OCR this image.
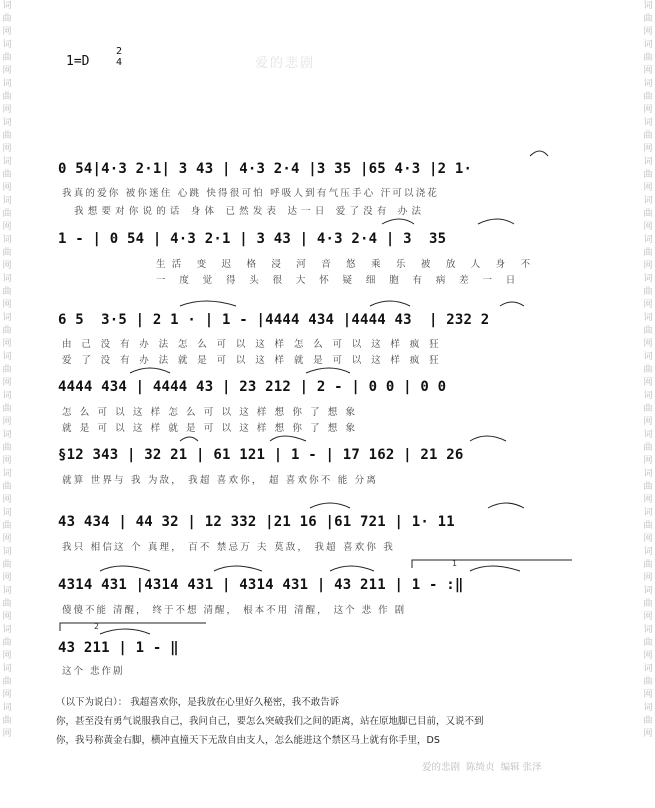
词
曲
网
词
曲
网
词
曲
网
词
曲
网
词
曲
网
词
曲
网
词
曲
网
词
曲
网
词
曲
网
词
曲
网
词
曲
网
词
曲
网
词
曲
网
词
曲
网
词
曲
网
词
曲
网
词
曲
网
词
曲
网
词
曲
网
词
曲
网
词
曲
网
词
曲
网
词
曲
网
词
曲
网
词
曲
网
词
曲
网
词
曲
网
词
曲
网
词
曲
网
词
曲
网
词
曲
网
词
曲
网
词
曲
网
词
曲
网
词
曲
网
词
曲
网
词
曲
网
词
曲
网
1=D
2
4	爱的悲剧
0 54|4·3 2·1| 3 43 | 4·3 2·4 |3 35 |65 4·3 |2 1·
1 - | 0 54 | 4·3 2·1 | 3 43 | 4·3 2·4 | 3  35
6 5  3·5 | 2 1 · | 1 - |4444 434 |4444 43  | 232 2
4444 434 | 4444 43 | 23 212 | 2 - | 0 0 | 0 0
§12 343 | 32 21 | 61 121 | 1 - | 17 162 | 21 26
43 434 | 44 32 | 12 332 |21 16 |61 721 | 1· 11
4314 431 |4314 431 | 4314 431 | 43 211 | 1 - :‖
43 211 | 1 - ‖
我真的爱你 被你迷住 心跳 快得很可怕 呼吸人到有气压手心 汗可以浇花
我想要对你说的话 身体 已然发表 达一日 爱了没有 办法
生活 变 迟 格 浸 河 音 悠 乘 乐 被 放 人 身 不
一 度 觉 得 头 很 大 怀 疑 细 胞 有 病 差 一 日
由 己 没 有 办 法 怎 么 可 以 这 样 怎 么 可 以 这 样 疯 狂
爱 了 没 有 办 法 就 是 可 以 这 样 就 是 可 以 这 样 疯 狂
怎 么 可 以 这 样 怎 么 可 以 这 样 想 你 了 想 象
就 是 可 以 这 样 就 是 可 以 这 样 想 你 了 想 象
就算 世界与 我 为敌， 我超 喜欢你， 超 喜欢你不 能 分离
我只 相信这 个 真理， 百不 禁忌万 夫 莫敌， 我超 喜欢你 我
傻傻不能 清醒， 终于不想 清醒， 根本不用 清醒， 这个 悲 作 剧
这个 悲作剧
1
2
（以下为说白）： 我超喜欢你，是我放在心里好久秘密，我不敢告诉
你，甚至没有勇气说服我自己，我问自己，要怎么突破我们之间的距离，站在原地脚已目前，又说不到
你，我号称黄金右脚，横冲直撞天下无敌自由支人，怎么能进这个禁区马上就有你手里，DS
爱的悲剧  陈绮贞  编辑 张泽
